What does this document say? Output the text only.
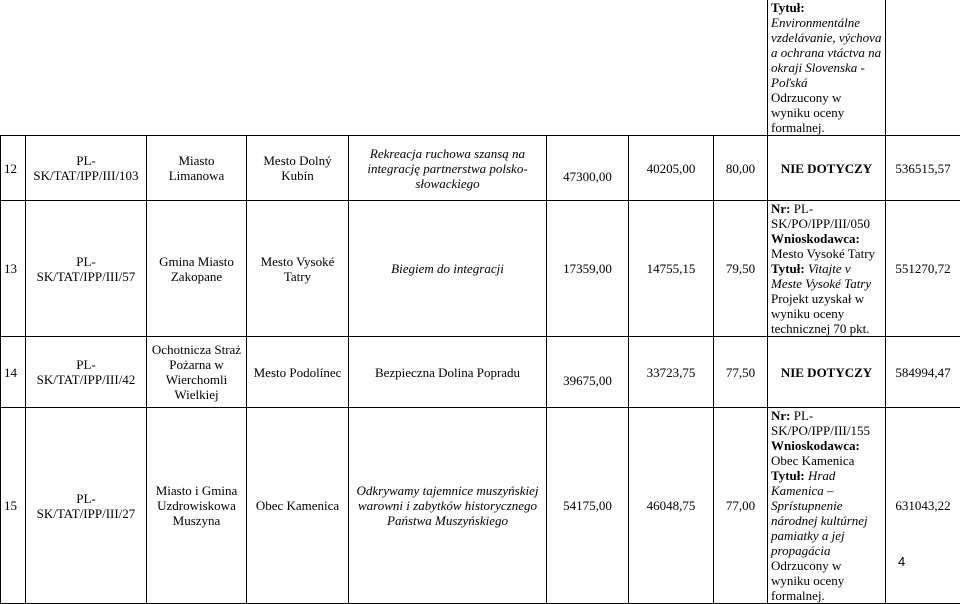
								Tytuł:
Environmentálne vzdelávanie, výchova a ochrana vtáctva na okraji Slovenska - Poľská
Odrzucony w wyniku oceny formalnej.	
12	PL-SK/TAT/IPP/III/103	Miasto Limanowa	Mesto Dolný Kubín	Rekreacja ruchowa szansą na integrację partnerstwa polsko-słowackiego	47300,00	40205,00	80,00	NIE DOTYCZY	536515,57
13	PL-SK/TAT/IPP/III/57	Gmina Miasto Zakopane	Mesto Vysoké Tatry	Biegiem do integracji	17359,00	14755,15	79,50	Nr: PL-SK/PO/IPP/III/050
Wnioskodawca:
Mesto Vysoké Tatry
Tytuł: Vitajte v Meste Vysoké Tatry
Projekt uzyskał w wyniku oceny technicznej 70 pkt.	551270,72
14	PL-SK/TAT/IPP/III/42	Ochotnicza Straż Pożarna w Wierchomli Wielkiej	Mesto Podolínec	Bezpieczna Dolina Popradu	39675,00	33723,75	77,50	NIE DOTYCZY	584994,47
15	PL-SK/TAT/IPP/III/27	Miasto i Gmina Uzdrowiskowa Muszyna	Obec Kamenica	Odkrywamy tajemnice muszyńskiej warowni i zabytków historycznego Państwa Muszyńskiego	54175,00	46048,75	77,00	Nr: PL-SK/PO/IPP/III/155
Wnioskodawca: Obec Kamenica
Tytuł: Hrad Kamenica – Sprístupnenie národnej kultúrnej pamiatky a jej propagácia
Odrzucony w wyniku oceny formalnej.	631043,22
4
